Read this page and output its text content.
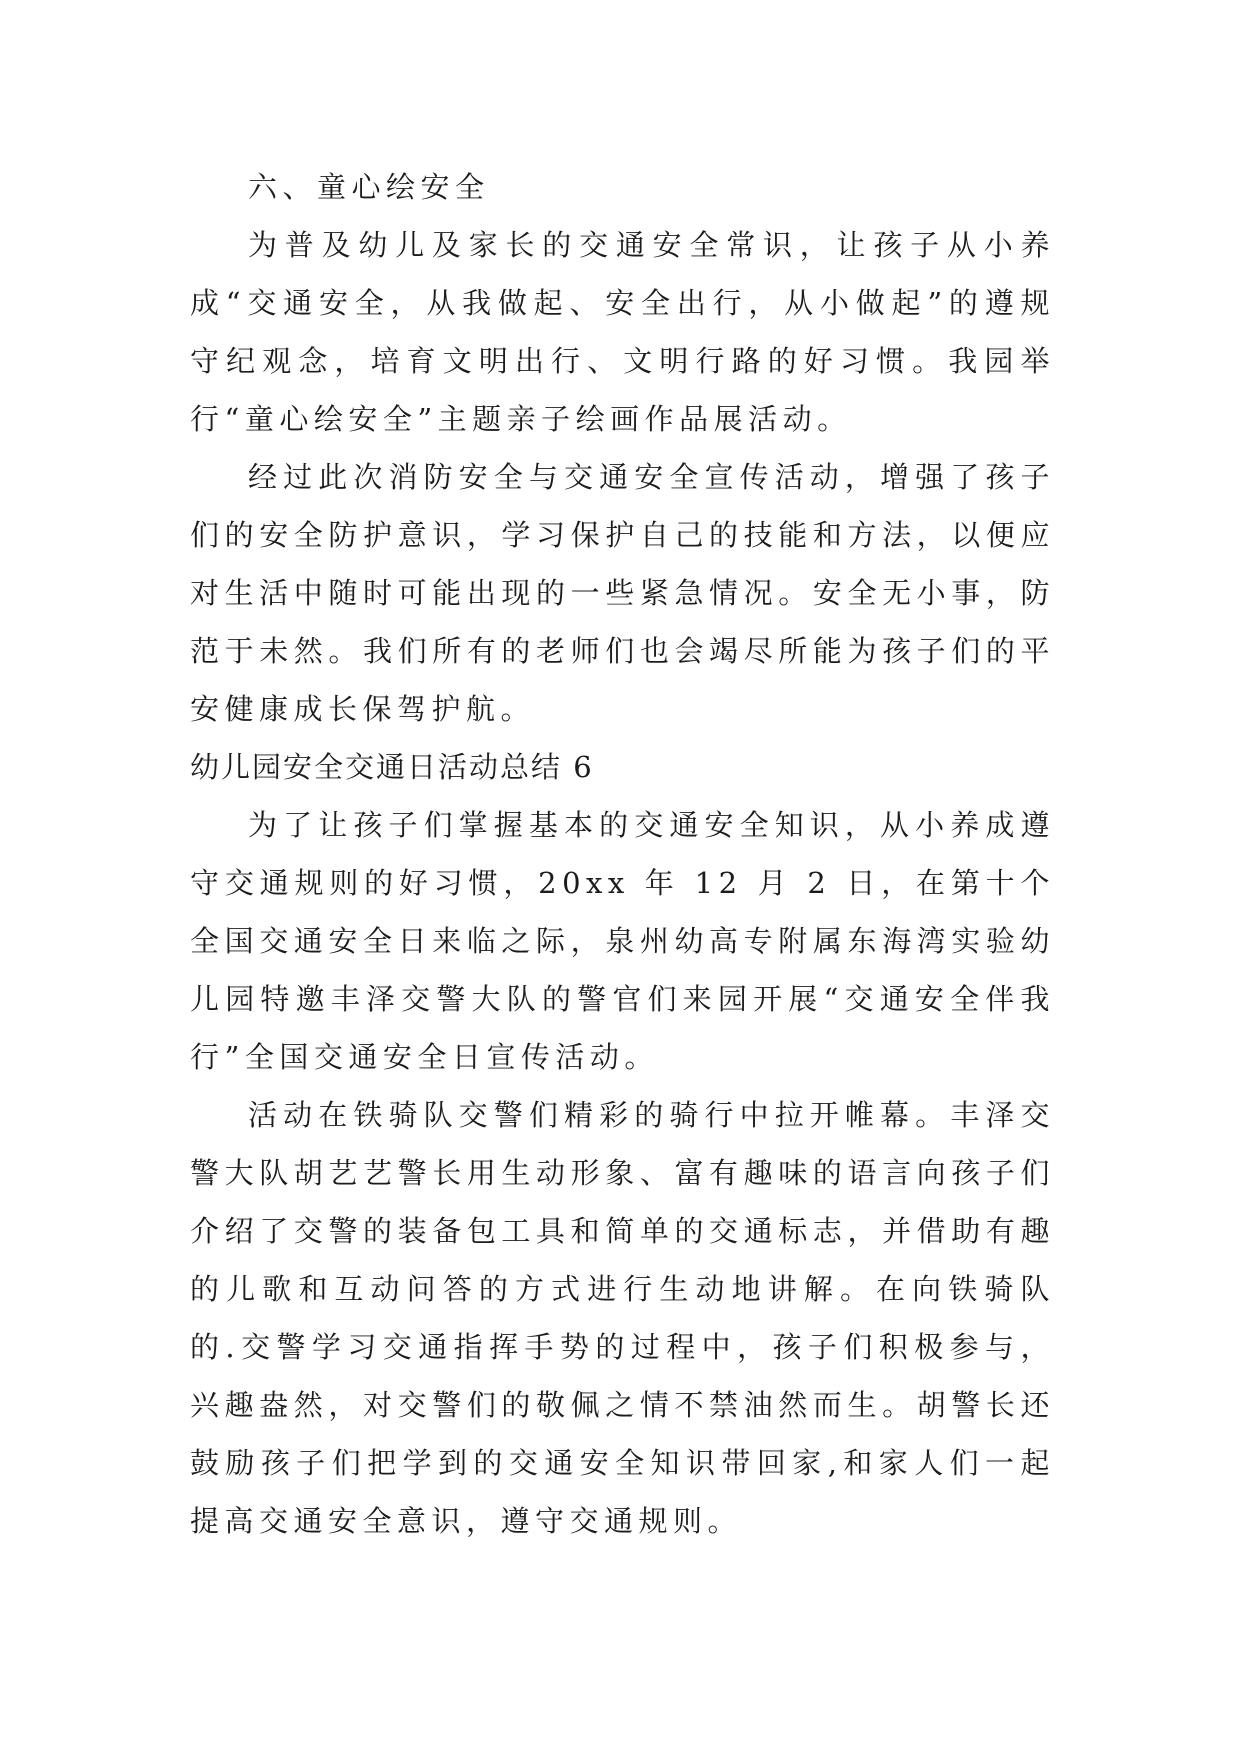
六、童心绘安全

为普及幼儿及家长的交通安全常识，让孩子从小养成“交通安全，从我做起、安全出行，从小做起”的遵规守纪观念，培育文明出行、文明行路的好习惯。我园举行“童心绘安全”主题亲子绘画作品展活动。

经过此次消防安全与交通安全宣传活动，增强了孩子们的安全防护意识，学习保护自己的技能和方法，以便应对生活中随时可能出现的一些紧急情况。安全无小事，防范于未然。我们所有的老师们也会竭尽所能为孩子们的平安健康成长保驾护航。

幼儿园安全交通日活动总结 6

为了让孩子们掌握基本的交通安全知识，从小养成遵守交通规则的好习惯，20xx 年 12 月 2 日，在第十个全国交通安全日来临之际，泉州幼高专附属东海湾实验幼儿园特邀丰泽交警大队的警官们来园开展“交通安全伴我行”全国交通安全日宣传活动。

活动在铁骑队交警们精彩的骑行中拉开帷幕。丰泽交警大队胡艺艺警长用生动形象、富有趣味的语言向孩子们介绍了交警的装备包工具和简单的交通标志，并借助有趣的儿歌和互动问答的方式进行生动地讲解。在向铁骑队的.交警学习交通指挥手势的过程中，孩子们积极参与，兴趣盎然，对交警们的敬佩之情不禁油然而生。胡警长还鼓励孩子们把学到的交通安全知识带回家,和家人们一起提高交通安全意识，遵守交通规则。
